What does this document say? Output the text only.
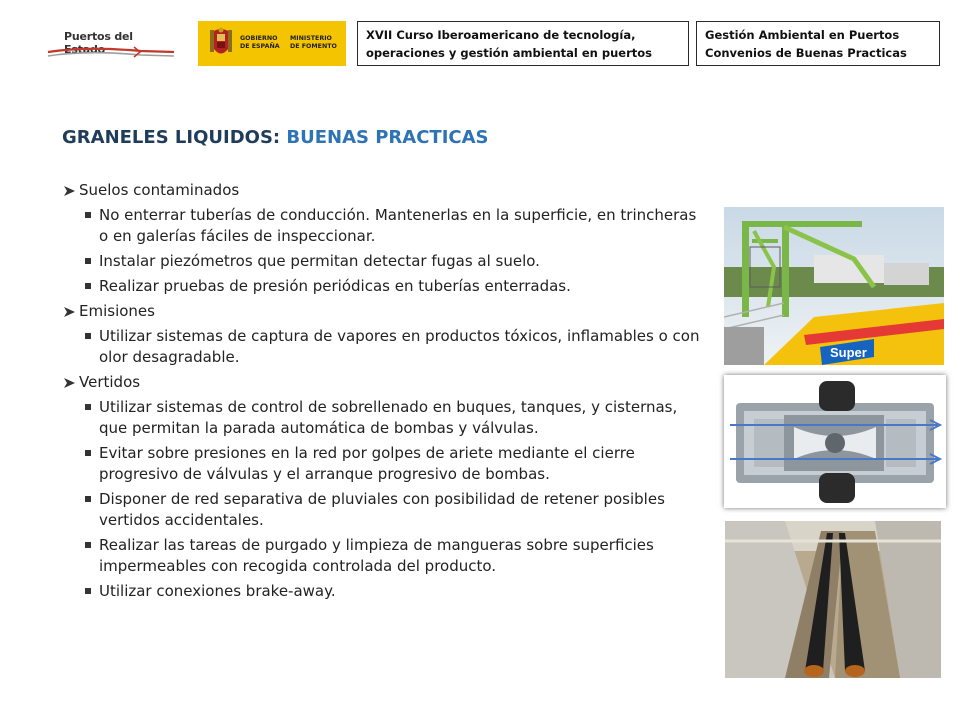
Puertos del Estado
GOBIERNO
DE ESPAÑA
MINISTERIO
DE FOMENTO
XVII Curso Iberoamericano de tecnología,
operaciones y gestión ambiental en puertos
Gestión Ambiental en Puertos
Convenios de Buenas Practicas
GRANELES LIQUIDOS: BUENAS PRACTICAS
Suelos contaminados
No enterrar tuberías de conducción. Mantenerlas en la superficie, en trincheras o en galerías fáciles de inspeccionar.
Instalar piezómetros que permitan detectar fugas al suelo.
Realizar pruebas de presión periódicas en tuberías enterradas.
Emisiones
Utilizar sistemas de captura de vapores en productos tóxicos, inflamables o con olor desagradable.
Vertidos
Utilizar sistemas de control de sobrellenado en buques, tanques, y cisternas, que permitan la parada automática de bombas y válvulas.
Evitar sobre presiones en la red por golpes de ariete mediante el cierre progresivo de válvulas y el arranque progresivo de bombas.
Disponer de red separativa de pluviales con posibilidad de retener posibles vertidos accidentales.
Realizar las tareas de purgado y limpieza de mangueras sobre superficies impermeables con recogida controlada del producto.
Utilizar conexiones brake-away.
Super
